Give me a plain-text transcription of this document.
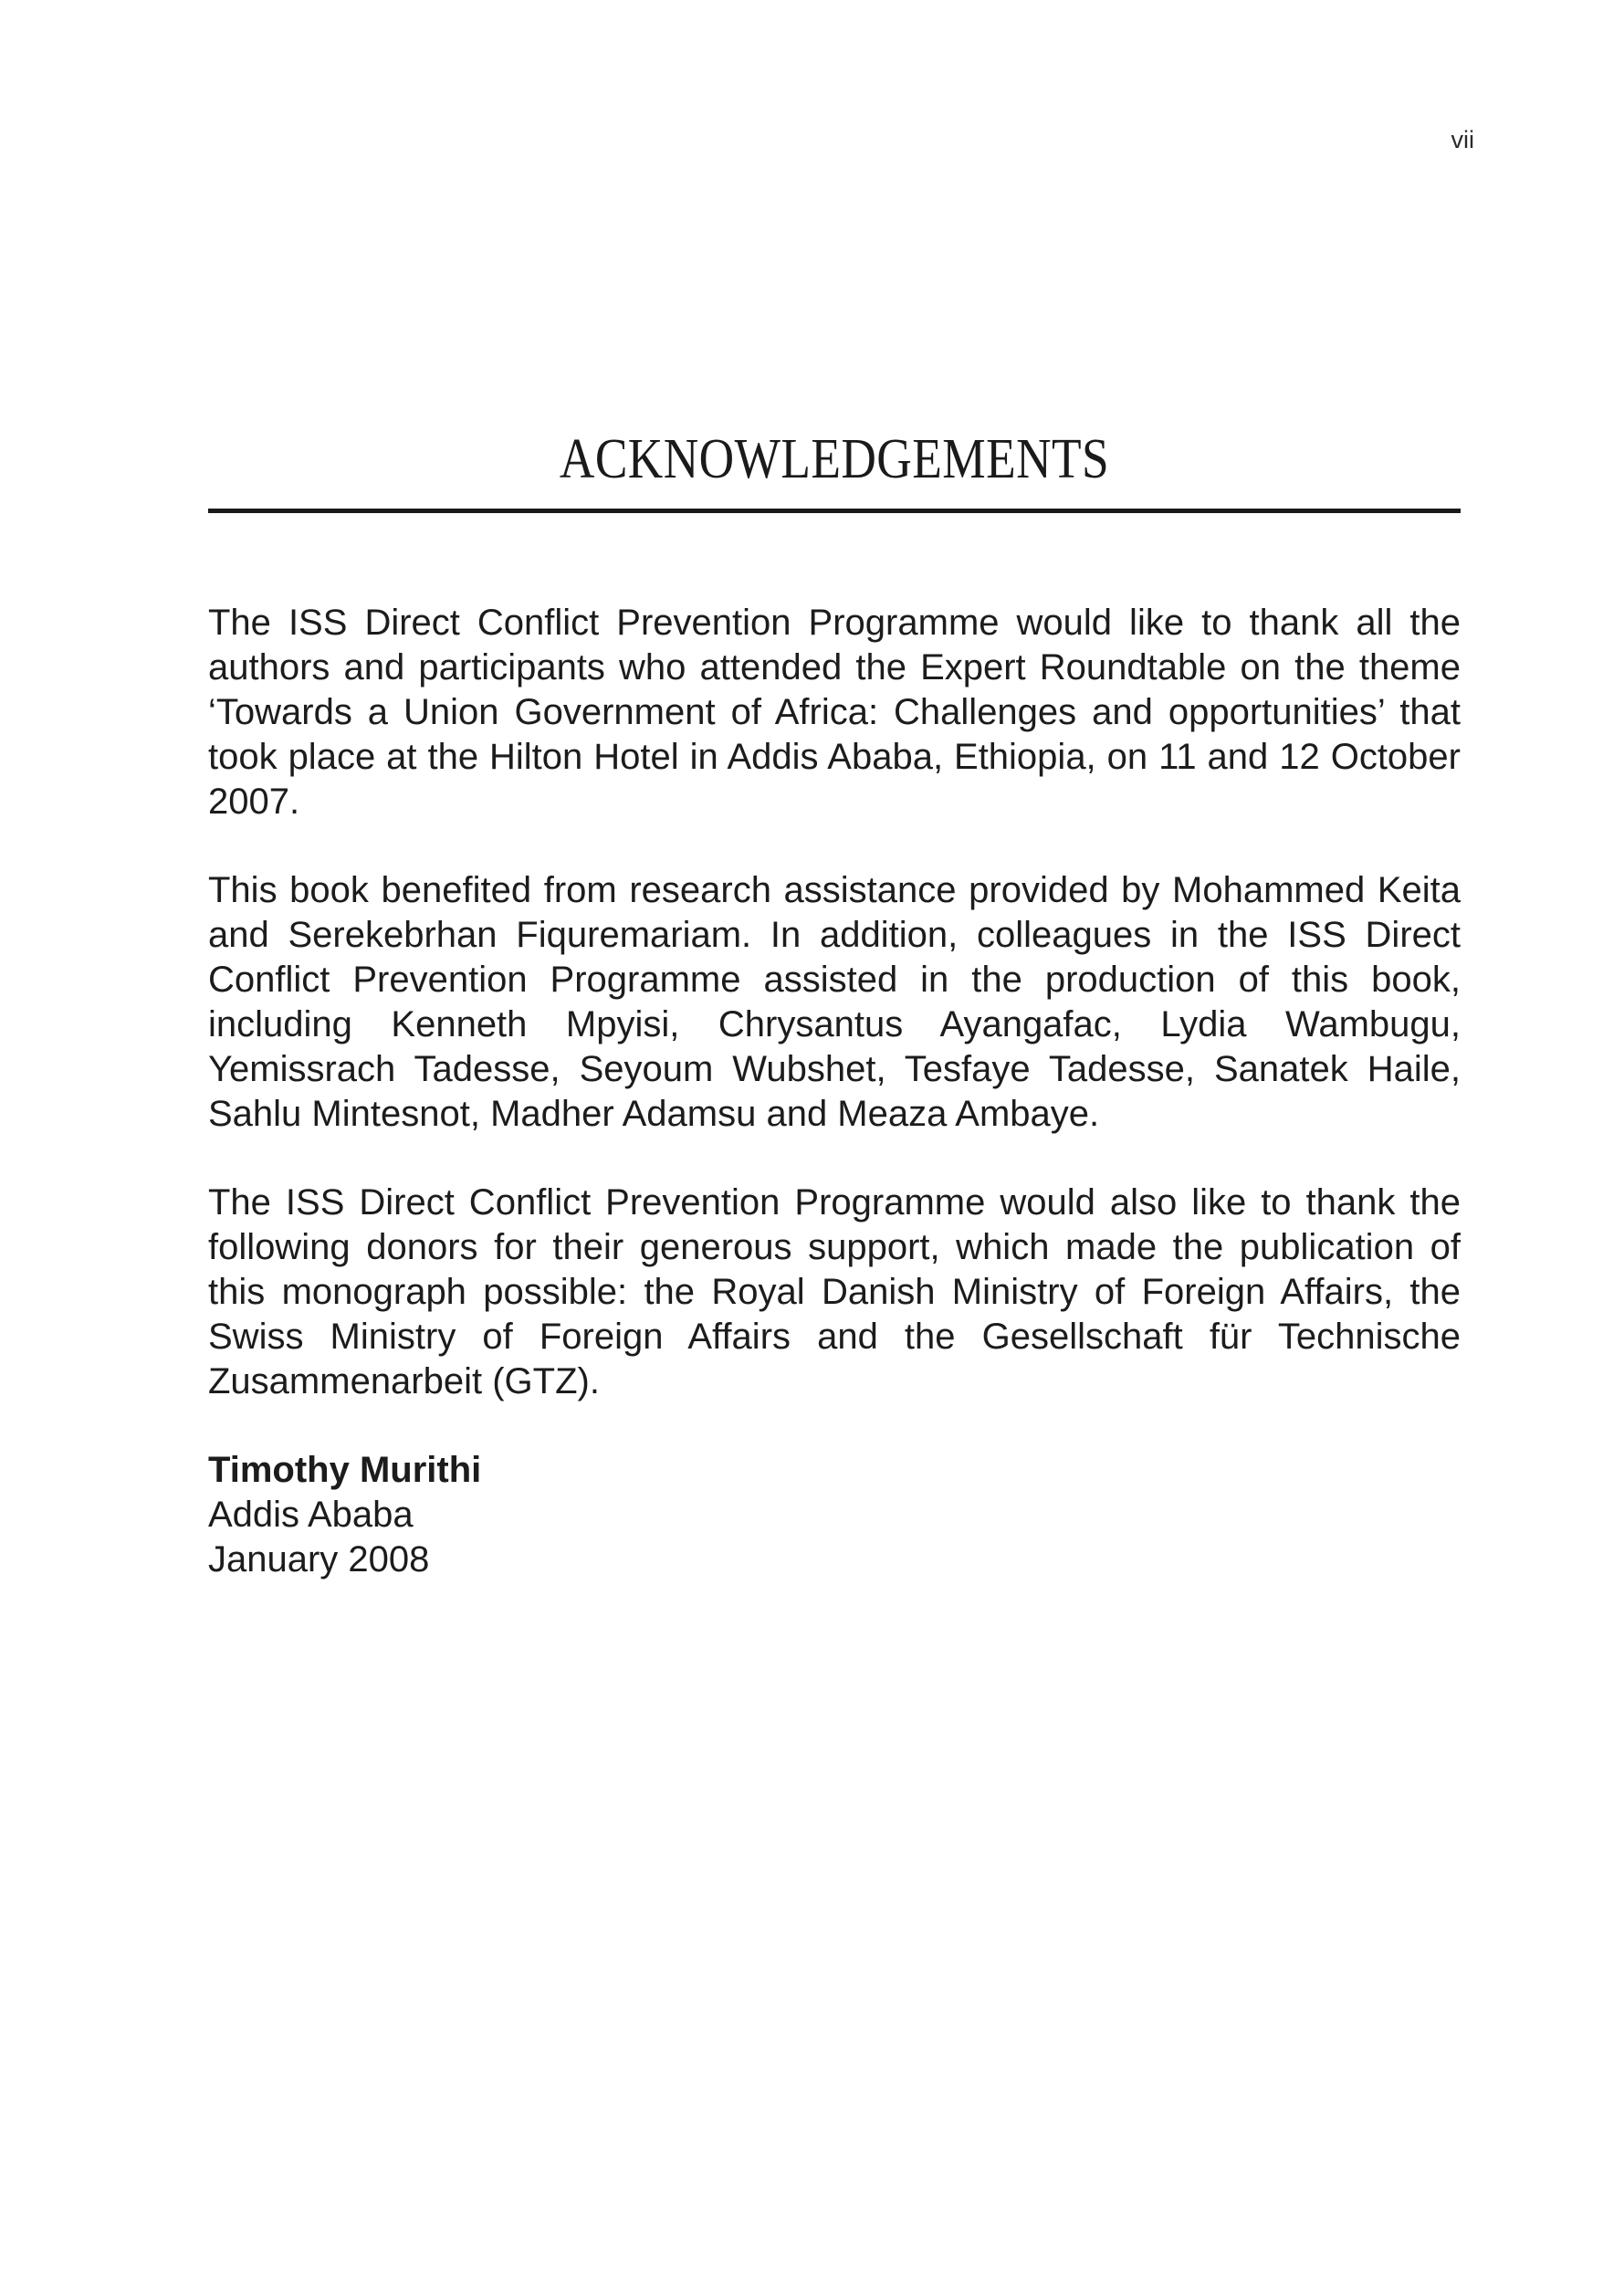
vii
ACKNOWLEDGEMENTS

The ISS Direct Conflict Prevention Programme would like to thank all the authors and participants who attended the Expert Roundtable on the theme ‘Towards a Union Government of Africa: Challenges and opportunities’ that took place at the Hilton Hotel in Addis Ababa, Ethiopia, on 11 and 12 October 2007.

This book benefited from research assistance provided by Mohammed Keita and Serekebrhan Fiquremariam. In addition, colleagues in the ISS Direct Conflict Prevention Programme assisted in the production of this book, including Kenneth Mpyisi, Chrysantus Ayangafac, Lydia Wambugu, Yemissrach Tadesse, Seyoum Wubshet, Tesfaye Tadesse, Sanatek Haile, Sahlu Mintesnot, Madher Adamsu and Meaza Ambaye.

The ISS Direct Conflict Prevention Programme would also like to thank the following donors for their generous support, which made the publication of this monograph possible: the Royal Danish Ministry of Foreign Affairs, the Swiss Ministry of Foreign Affairs and the Gesellschaft für Technische Zusammenarbeit (GTZ).

Timothy Murithi
Addis Ababa
January 2008
